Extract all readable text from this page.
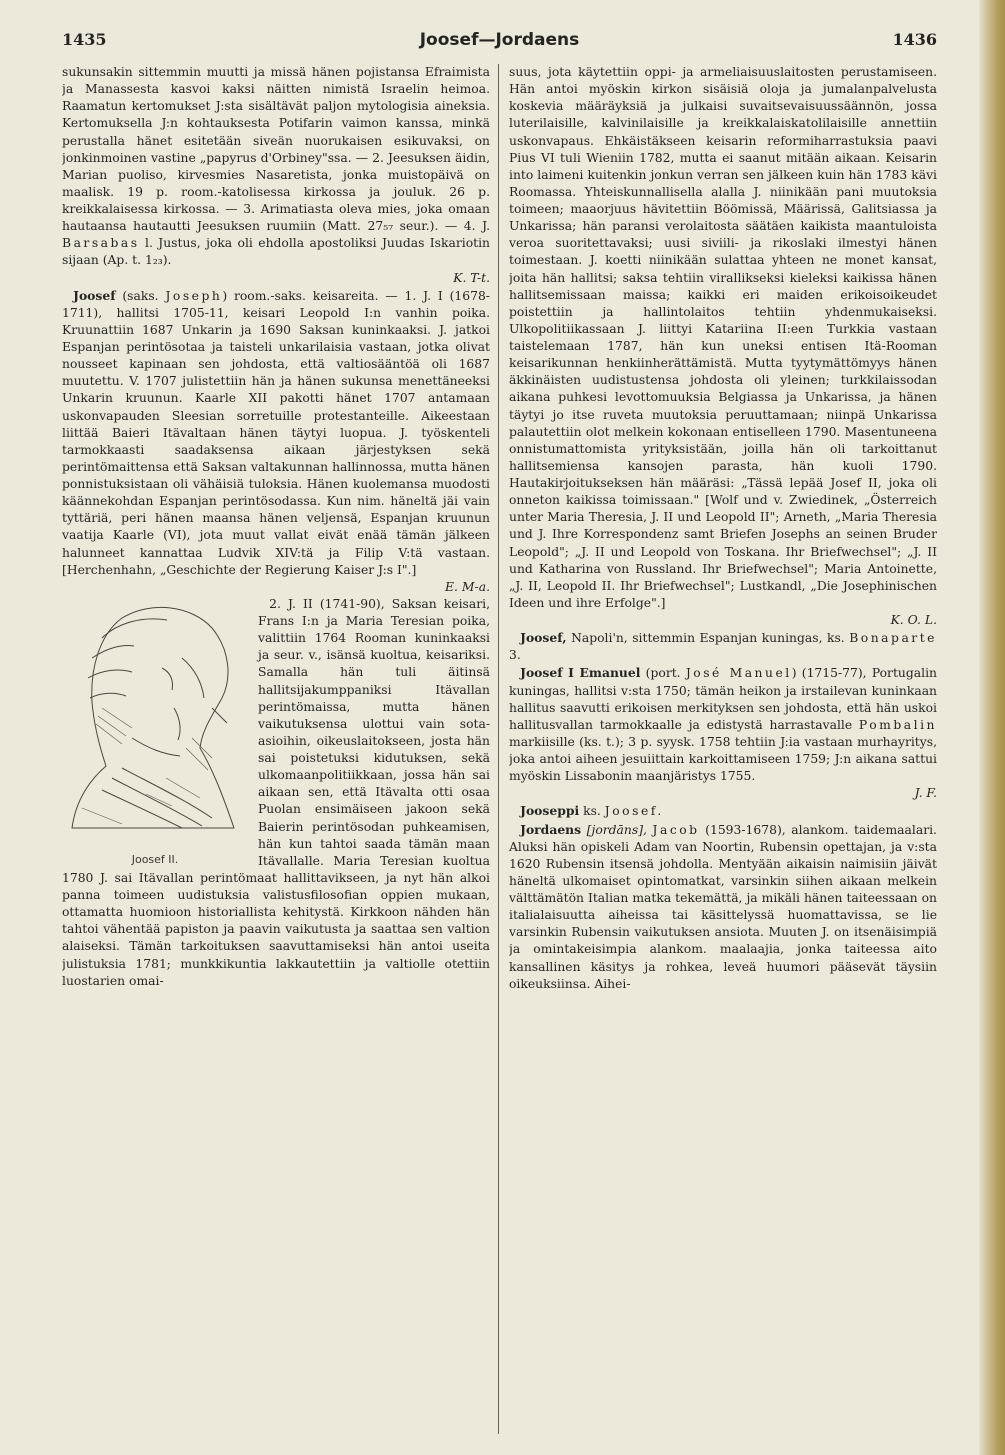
1435	Joosef—Jordaens	1436

sukunsakin sittemmin muutti ja missä hänen pojistansa Efraimista ja Manassesta kasvoi kaksi näitten nimistä Israelin heimoa. Raamatun kertomukset J:sta sisältävät paljon mytologisia aineksia. Kertomuksella J:n kohtauksesta Potifarin vaimon kanssa, minkä perustalla hänet esitetään siveän nuorukaisen esikuvaksi, on jonkinmoinen vastine „papyrus d'Orbiney"ssa. — 2. Jeesuksen äidin, Marian puoliso, kirvesmies Nasaretista, jonka muistopäivä on maalisk. 19 p. room.-katolisessa kirkossa ja jouluk. 26 p. kreikkalaisessa kirkossa. — 3. Arimatiasta oleva mies, joka omaan hautaansa hautautti Jeesuksen ruumiin (Matt. 27₅₇ seur.). — 4. J. Barsabas l. Justus, joka oli ehdolla apostoliksi Juudas Iskariotin sijaan (Ap. t. 1₂₃).

K. T-t.

Joosef (saks. Joseph) room.-saks. keisareita. — 1. J. I (1678-1711), hallitsi 1705-11, keisari Leopold I:n vanhin poika. Kruunattiin 1687 Unkarin ja 1690 Saksan kuninkaaksi. J. jatkoi Espanjan perintösotaa ja taisteli unkarilaisia vastaan, jotka olivat nousseet kapinaan sen johdosta, että valtiosääntöä oli 1687 muutettu. V. 1707 julistettiin hän ja hänen sukunsa menettäneeksi Unkarin kruunun. Kaarle XII pakotti hänet 1707 antamaan uskonvapauden Sleesian sorretuille protestanteille. Aikeestaan liittää Baieri Itävaltaan hänen täytyi luopua. J. työskenteli tarmokkaasti saadaksensa aikaan järjestyksen sekä perintömaittensa että Saksan valtakunnan hallinnossa, mutta hänen ponnistuksistaan oli vähäisiä tuloksia. Hänen kuolemansa muodosti käännekohdan Espanjan perintösodassa. Kun nim. häneltä jäi vain tyttäriä, peri hänen maansa hänen veljensä, Espanjan kruunun vaatija Kaarle (VI), jota muut vallat eivät enää tämän jälkeen halunneet kannattaa Ludvik XIV:tä ja Filip V:tä vastaan. [Herchenhahn, „Geschichte der Regierung Kaiser J:s I".]

E. M-a.

Joosef II.

2. J. II (1741-90), Saksan keisari, Frans I:n ja Maria Teresian poika, valittiin 1764 Rooman kuninkaaksi ja seur. v., isänsä kuoltua, keisariksi. Samalla hän tuli äitinsä hallitsijakumppaniksi Itävallan perintömaissa, mutta hänen vaikutuksensa ulottui vain sota-asioihin, oikeuslaitokseen, josta hän sai poistetuksi kidutuksen, sekä ulkomaanpolitiikkaan, jossa hän sai aikaan sen, että Itävalta otti osaa Puolan ensimäiseen jakoon sekä Baierin perintösodan puhkeamisen, hän kun tahtoi saada tämän maan Itävallalle. Maria Teresian kuoltua 1780 J. sai Itävallan perintömaat hallittavikseen, ja nyt hän alkoi panna toimeen uudistuksia valistusfilosofian oppien mukaan, ottamatta huomioon historiallista kehitystä. Kirkkoon nähden hän tahtoi vähentää papiston ja paavin vaikutusta ja saattaa sen valtion alaiseksi. Tämän tarkoituksen saavuttamiseksi hän antoi useita julistuksia 1781; munkkikuntia lakkautettiin ja valtiolle otettiin luostarien omai-

suus, jota käytettiin oppi- ja armeliaisuuslaitosten perustamiseen. Hän antoi myöskin kirkon sisäisiä oloja ja jumalanpalvelusta koskevia määräyksiä ja julkaisi suvaitsevaisuussäännön, jossa luterilaisille, kalvinilaisille ja kreikkalaiskatolilaisille annettiin uskonvapaus. Ehkäistäkseen keisarin reformiharrastuksia paavi Pius VI tuli Wieniin 1782, mutta ei saanut mitään aikaan. Keisarin into laimeni kuitenkin jonkun verran sen jälkeen kuin hän 1783 kävi Roomassa. Yhteiskunnallisella alalla J. niinikään pani muutoksia toimeen; maaorjuus hävitettiin Böömissä, Määrissä, Galitsiassa ja Unkarissa; hän paransi verolaitosta säätäen kaikista maantuloista veroa suoritettavaksi; uusi siviili- ja rikoslaki ilmestyi hänen toimestaan. J. koetti niinikään sulattaa yhteen ne monet kansat, joita hän hallitsi; saksa tehtiin virallikseksi kieleksi kaikissa hänen hallitsemissaan maissa; kaikki eri maiden erikoisoikeudet poistettiin ja hallintolaitos tehtiin yhdenmukaiseksi. Ulkopolitiikassaan J. liittyi Katariina II:een Turkkia vastaan taistelemaan 1787, hän kun uneksi entisen Itä-Rooman keisarikunnan henkiinherättämistä. Mutta tyytymättömyys hänen äkkinäisten uudistustensa johdosta oli yleinen; turkkilaissodan aikana puhkesi levottomuuksia Belgiassa ja Unkarissa, ja hänen täytyi jo itse ruveta muutoksia peruuttamaan; niinpä Unkarissa palautettiin olot melkein kokonaan entiselleen 1790. Masentuneena onnistumattomista yrityksistään, joilla hän oli tarkoittanut hallitsemiensa kansojen parasta, hän kuoli 1790. Hautakirjoitukseksen hän määräsi: „Tässä lepää Josef II, joka oli onneton kaikissa toimissaan." [Wolf und v. Zwiedinek, „Österreich unter Maria Theresia, J. II und Leopold II"; Arneth, „Maria Theresia und J. Ihre Korrespondenz samt Briefen Josephs an seinen Bruder Leopold"; „J. II und Leopold von Toskana. Ihr Briefwechsel"; „J. II und Katharina von Russland. Ihr Briefwechsel"; Maria Antoinette, „J. II, Leopold II. Ihr Briefwechsel"; Lustkandl, „Die Josephinischen Ideen und ihre Erfolge".]

K. O. L.

Joosef, Napoli'n, sittemmin Espanjan kuningas, ks. Bonaparte 3.

Joosef I Emanuel (port. José Manuel) (1715-77), Portugalin kuningas, hallitsi v:sta 1750; tämän heikon ja irstailevan kuninkaan hallitus saavutti erikoisen merkityksen sen johdosta, että hän uskoi hallitusvallan tarmokkaalle ja edistystä harrastavalle Pombalin markiisille (ks. t.); 3 p. syysk. 1758 tehtiin J:ia vastaan murhayritys, joka antoi aiheen jesuiittain karkoittamiseen 1759; J:n aikana sattui myöskin Lissabonin maanjäristys 1755.

J. F.

Jooseppi ks. Joosef.

Jordaens [jordāns], Jacob (1593-1678), alankom. taidemaalari. Aluksi hän opiskeli Adam van Noortin, Rubensin opettajan, ja v:sta 1620 Rubensin itsensä johdolla. Mentyään aikaisin naimisiin jäivät häneltä ulkomaiset opintomatkat, varsinkin siihen aikaan melkein välttämätön Italian matka tekemättä, ja mikäli hänen taiteessaan on italialaisuutta aiheissa tai käsittelyssä huomattavissa, se lie varsinkin Rubensin vaikutuksen ansiota. Muuten J. on itsenäisimpiä ja omintakeisimpia alankom. maalaajia, jonka taiteessa aito kansallinen käsitys ja rohkea, leveä huumori pääsevät täysiin oikeuksiinsa. Aihei-
